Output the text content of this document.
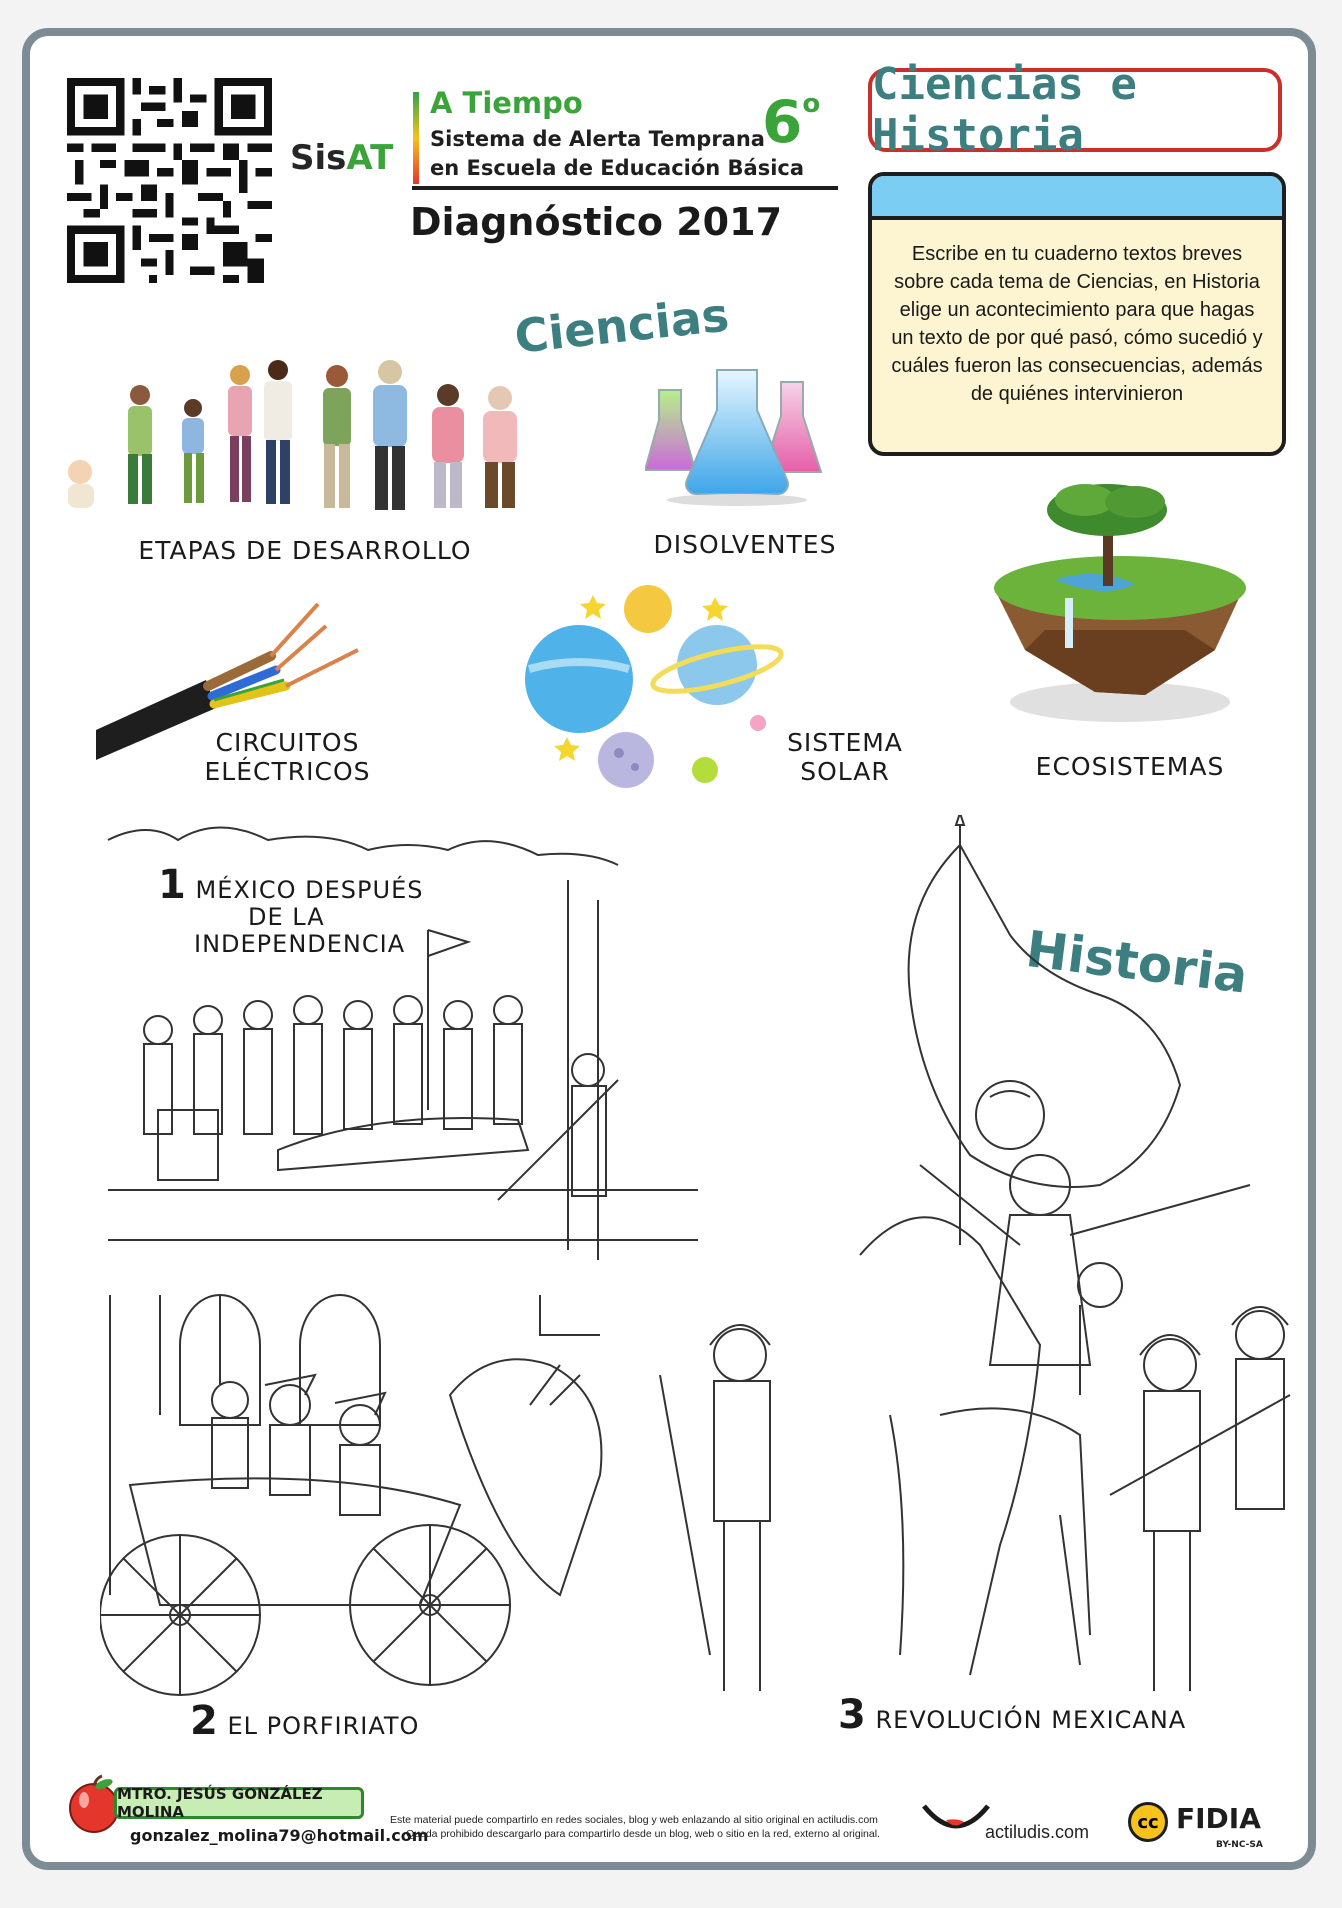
SisAT
A Tiempo
Sistema de Alerta Temprana
en Escuela de Educación Básica
6$^o$
Diagnóstico 2017
Ciencias e Historia
Escribe en tu cuaderno textos breves sobre cada tema de Ciencias, en Historia elige un acontecimiento para que hagas un texto de por qué pasó, cómo sucedió y cuáles fueron las consecuencias, además de quiénes intervinieron
Ciencias
ETAPAS DE DESARROLLO	DISOLVENTES
ECOSISTEMAS
CIRCUITOS
ELÉCTRICOS
SISTEMA
SOLAR
Historia
1 MÉXICO DESPUÉS
DE LA
INDEPENDENCIA
2 EL PORFIRIATO	3 REVOLUCIÓN MEXICANA
MTRO. JESÚS GONZÁLEZ MOLINA
gonzalez_molina79@hotmail.com
Este material puede compartirlo en redes sociales, blog y web enlazando al sitio original en actiludis.com
Queda prohibido descargarlo para compartirlo desde un blog, web o sitio en la red, externo al original.	actiludis.com	cc FIDIA
BY-NC-SA
